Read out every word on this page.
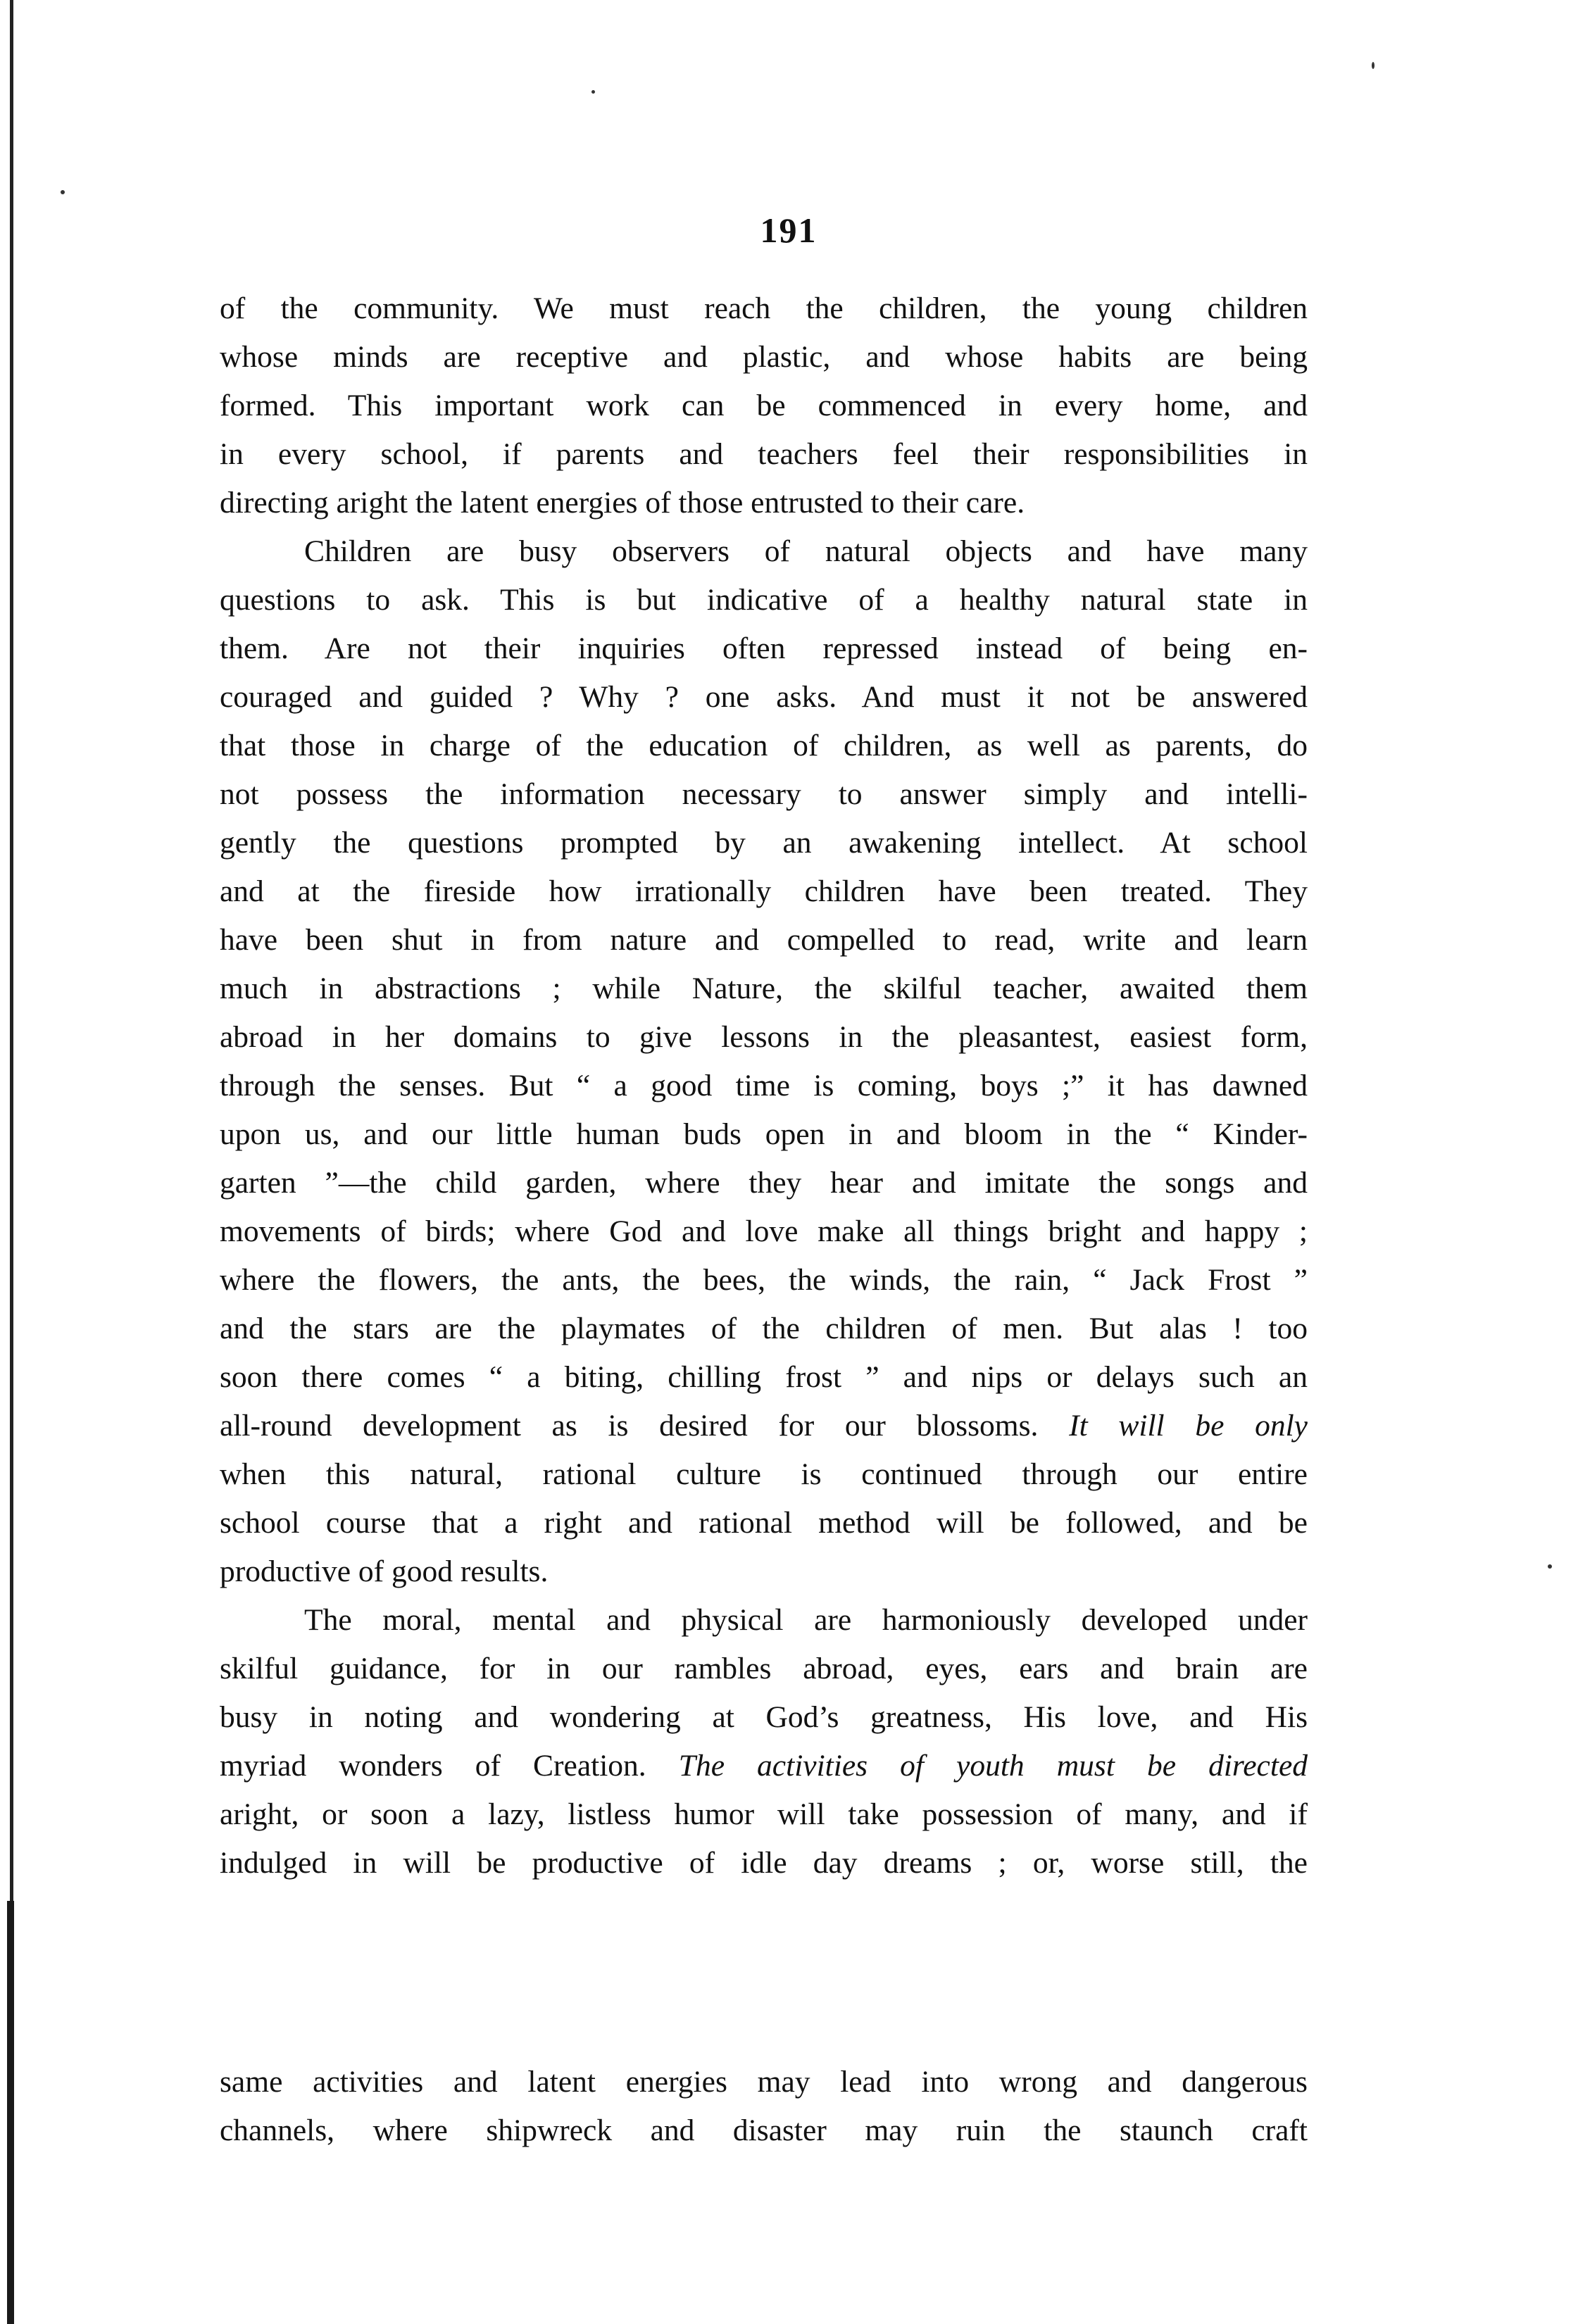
191
of the community. We must reach the children, the young children
whose minds are receptive and plastic, and whose habits are being
formed. This important work can be commenced in every home, and
in every school, if parents and teachers feel their responsibilities in
directing aright the latent energies of those entrusted to their care.
Children are busy observers of natural objects and have many
questions to ask. This is but indicative of a healthy natural state in
them. Are not their inquiries often repressed instead of being en-
couraged and guided ? Why ? one asks. And must it not be answered
that those in charge of the education of children, as well as parents, do
not possess the information necessary to answer simply and intelli-
gently the questions prompted by an awakening intellect. At school
and at the fireside how irrationally children have been treated. They
have been shut in from nature and compelled to read, write and learn
much in abstractions ; while Nature, the skilful teacher, awaited them
abroad in her domains to give lessons in the pleasantest, easiest form,
through the senses. But “ a good time is coming, boys ;” it has dawned
upon us, and our little human buds open in and bloom in the “ Kinder-
garten ”—the child garden, where they hear and imitate the songs and
movements of birds; where God and love make all things bright and happy ;
where the flowers, the ants, the bees, the winds, the rain, “ Jack Frost ”
and the stars are the playmates of the children of men. But alas ! too
soon there comes “ a biting, chilling frost ” and nips or delays such an
all-round development as is desired for our blossoms. It will be only
when this natural, rational culture is continued through our entire
school course that a right and rational method will be followed, and be
productive of good results.
The moral, mental and physical are harmoniously developed under
skilful guidance, for in our rambles abroad, eyes, ears and brain are
busy in noting and wondering at God’s greatness, His love, and His
myriad wonders of Creation. The activities of youth must be directed
aright, or soon a lazy, listless humor will take possession of many, and if
indulged in will be productive of idle day dreams ; or, worse still, the
same activities and latent energies may lead into wrong and dangerous
channels, where shipwreck and disaster may ruin the staunch craft
